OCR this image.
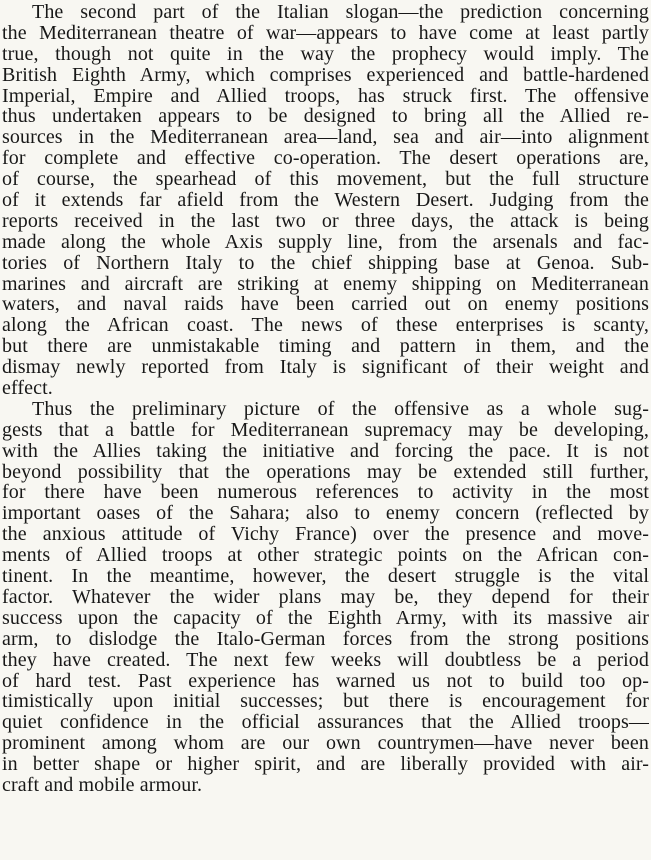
The second part of the Italian slogan—the prediction concerning
the Mediterranean theatre of war—appears to have come at least partly
true, though not quite in the way the prophecy would imply. The
British Eighth Army, which comprises experienced and battle-hardened
Imperial, Empire and Allied troops, has struck first. The offensive
thus undertaken appears to be designed to bring all the Allied re-
sources in the Mediterranean area—land, sea and air—into alignment
for complete and effective co-operation. The desert operations are,
of course, the spearhead of this movement, but the full structure
of it extends far afield from the Western Desert. Judging from the
reports received in the last two or three days, the attack is being
made along the whole Axis supply line, from the arsenals and fac-
tories of Northern Italy to the chief shipping base at Genoa. Sub-
marines and aircraft are striking at enemy shipping on Mediterranean
waters, and naval raids have been carried out on enemy positions
along the African coast. The news of these enterprises is scanty,
but there are unmistakable timing and pattern in them, and the
dismay newly reported from Italy is significant of their weight and
effect.
Thus the preliminary picture of the offensive as a whole sug-
gests that a battle for Mediterranean supremacy may be developing,
with the Allies taking the initiative and forcing the pace. It is not
beyond possibility that the operations may be extended still further,
for there have been numerous references to activity in the most
important oases of the Sahara; also to enemy concern (reflected by
the anxious attitude of Vichy France) over the presence and move-
ments of Allied troops at other strategic points on the African con-
tinent. In the meantime, however, the desert struggle is the vital
factor. Whatever the wider plans may be, they depend for their
success upon the capacity of the Eighth Army, with its massive air
arm, to dislodge the Italo-German forces from the strong positions
they have created. The next few weeks will doubtless be a period
of hard test. Past experience has warned us not to build too op-
timistically upon initial successes; but there is encouragement for
quiet confidence in the official assurances that the Allied troops—
prominent among whom are our own countrymen—have never been
in better shape or higher spirit, and are liberally provided with air-
craft and mobile armour.
